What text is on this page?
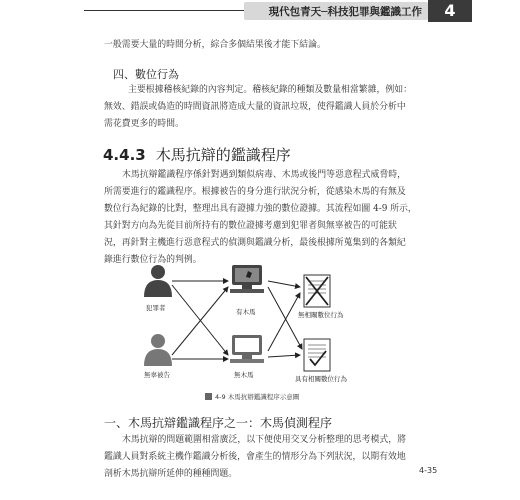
現代包青天─科技犯罪與鑑識工作	4
一般需要大量的時間分析，綜合多個結果後才能下結論。
四、數位行為
主要根據稽核紀錄的內容判定。稽核紀錄的種類及數量相當繁雜，例如：
無效、錯誤或偽造的時間資訊將造成大量的資訊垃圾，使得鑑識人員於分析中
需花費更多的時間。
4.4.3 木馬抗辯的鑑識程序
木馬抗辯鑑識程序係針對遇到類似病毒、木馬或後門等惡意程式威脅時，
所需要進行的鑑識程序。根據被告的身分進行狀況分析，從感染木馬的有無及
數位行為紀錄的比對，整理出具有證據力強的數位證據。其流程如圖 4-9 所示，
其針對方向為先從目前所持有的數位證據考慮到犯罪者與無辜被告的可能狀
況，再針對主機進行惡意程式的偵測與鑑識分析，最後根據所蒐集到的各類紀
錄進行數位行為的判例。
犯罪者	有木馬	無相關數位行為
無辜被告	無木馬	具有相關數位行為
4-9 木馬抗辯鑑識程序示意圖
一、木馬抗辯鑑識程序之一：木馬偵測程序
木馬抗辯的問題範圍相當廣泛，以下便使用交叉分析整理的思考模式，將
鑑識人員對系統主機作鑑識分析後，會產生的情形分為下列狀況，以期有效地
剖析木馬抗辯所延伸的種種問題。	4-35
